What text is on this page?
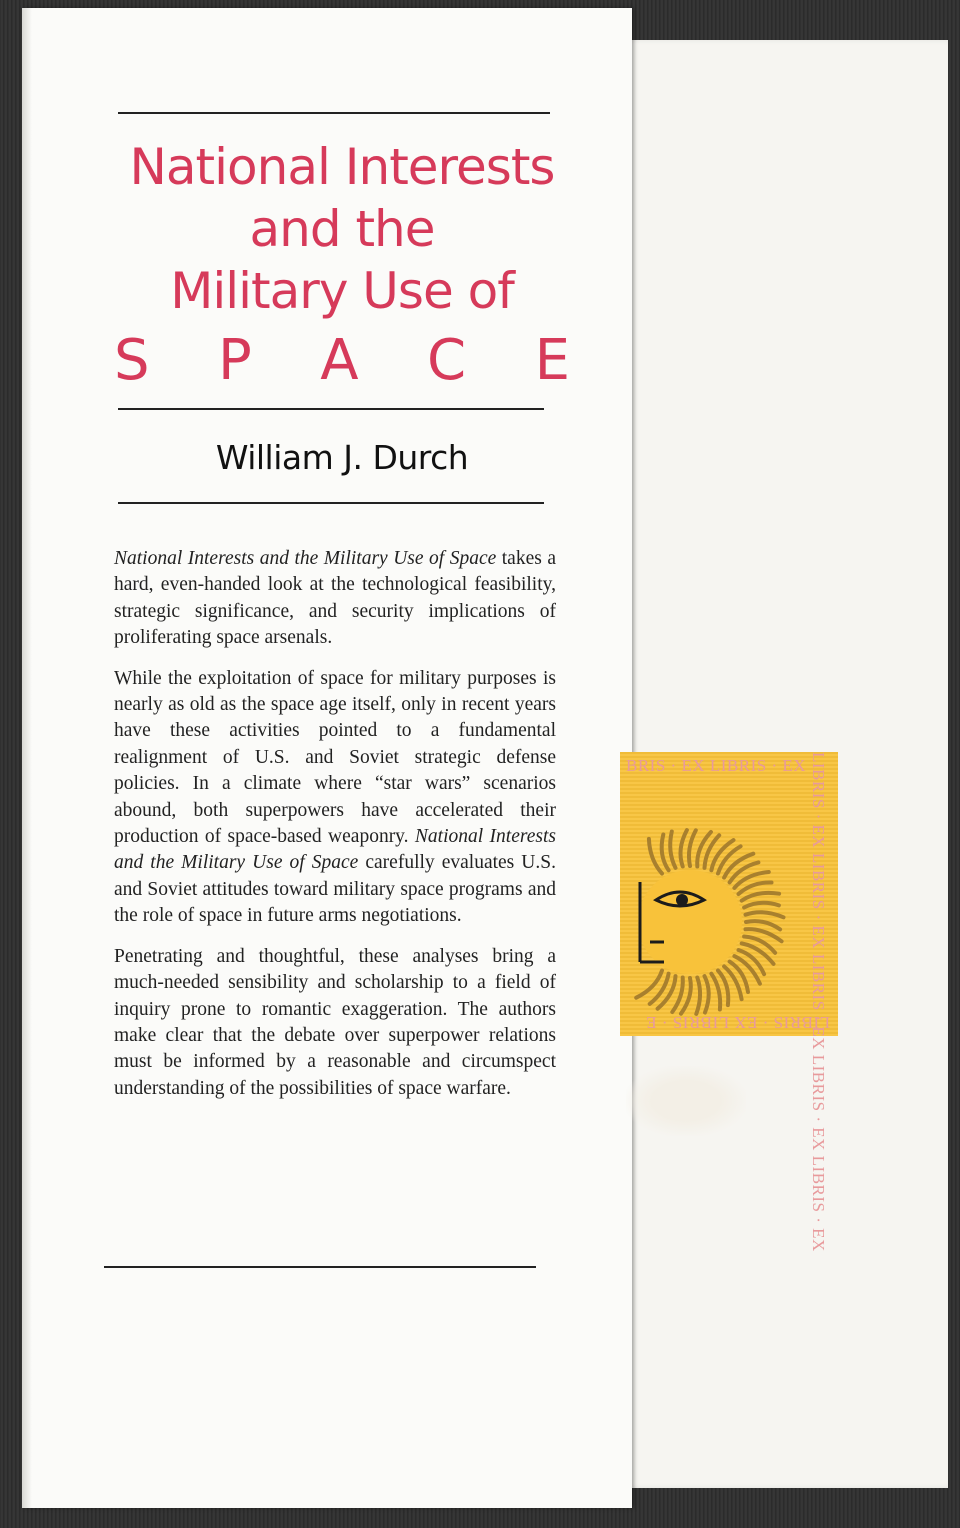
National Interests
and the
Military Use of
S P A C E
William J. Durch

National Interests and the Military Use of Space takes a hard, even-handed look at the technological feasibility, strategic significance, and security implications of proliferating space arsenals.

While the exploitation of space for military purposes is nearly as old as the space age itself, only in recent years have these activities pointed to a fundamental realignment of U.S. and Soviet strategic defense policies. In a climate where “star wars” scenarios abound, both superpowers have accelerated their production of space-based weaponry. National Interests and the Military Use of Space carefully evaluates U.S. and Soviet attitudes toward military space programs and the role of space in future arms negotiations.

Penetrating and thoughtful, these analyses bring a much-needed sensibility and scholarship to a field of inquiry prone to romantic exaggeration. The authors make clear that the debate over superpower relations must be informed by a reasonable and circumspect understanding of the possibilities of space warfare.

BRIS · EX LIBRIS · EX LIBRIS · EX LIBRIS · EX LIBRIS · EX LIBRIS · EX LIBRIS · EX
LIBRIS · EX LIBRIS · E
